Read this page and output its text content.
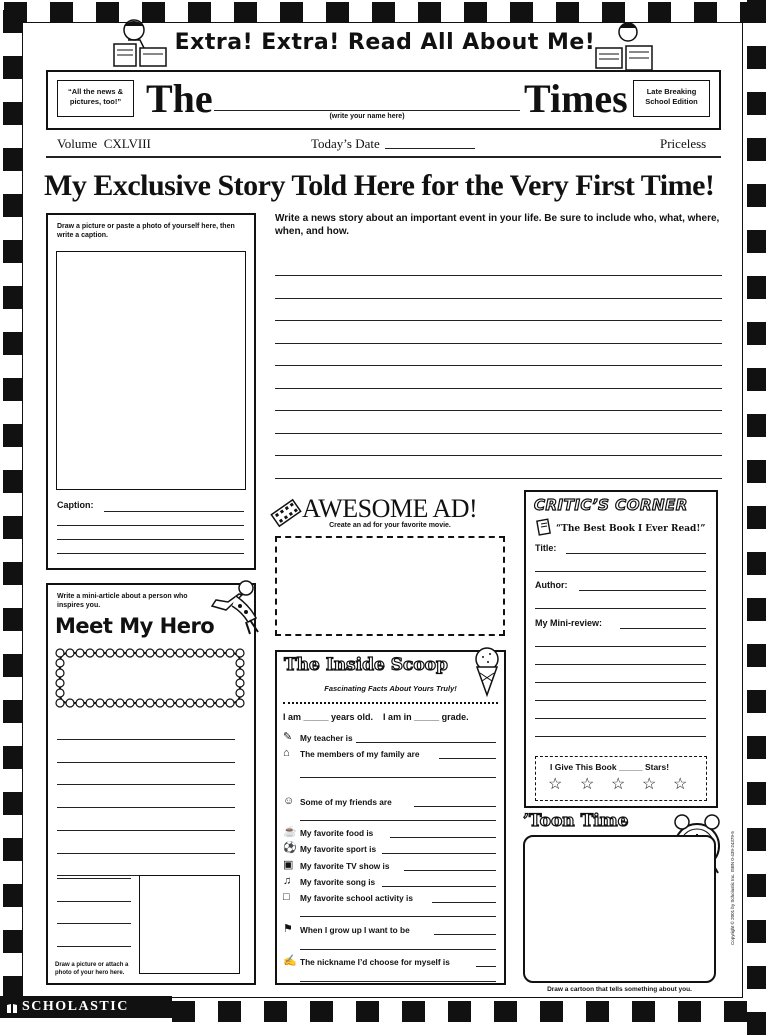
Extra! Extra! Read All About Me!
“All the news & pictures, too!” The	(write your name here)	Times	Late Breaking School Edition
Volume  CXLVIII	Today’s Date	Priceless
My Exclusive Story Told Here for the Very First Time!
Draw a picture or paste a photo of yourself here, then write a caption.
Caption:
Write a news story about an important event in your life. Be sure to include who, what, where, when, and how.
AWESOME AD!
Create an ad for your favorite movie.
CRITIC’S CORNER
“The Best Book I Ever Read!”
Title:
Author:
My Mini-review:
I Give This Book _____ Stars!
☆ ☆ ☆ ☆ ☆
Write a mini-article about a person who inspires you.
Meet My Hero
Draw a picture or attach a photo of your hero here.
The Inside Scoop
Fascinating Facts About Yours Truly!
I am _____ years old.    I am in _____ grade.
✎ My teacher is
⌂ The members of my family are
☺ Some of my friends are
☕ My favorite food is
⚽ My favorite sport is
▣ My favorite TV show is
♫ My favorite song is
□ My favorite school activity is
⚑ When I grow up I want to be
✍ The nickname I’d choose for myself is
’Toon Time
Draw a cartoon that tells something about you.
Copyright © 2001 by Scholastic Inc. ISBN 0-439-24379-5
SCHOLASTIC
